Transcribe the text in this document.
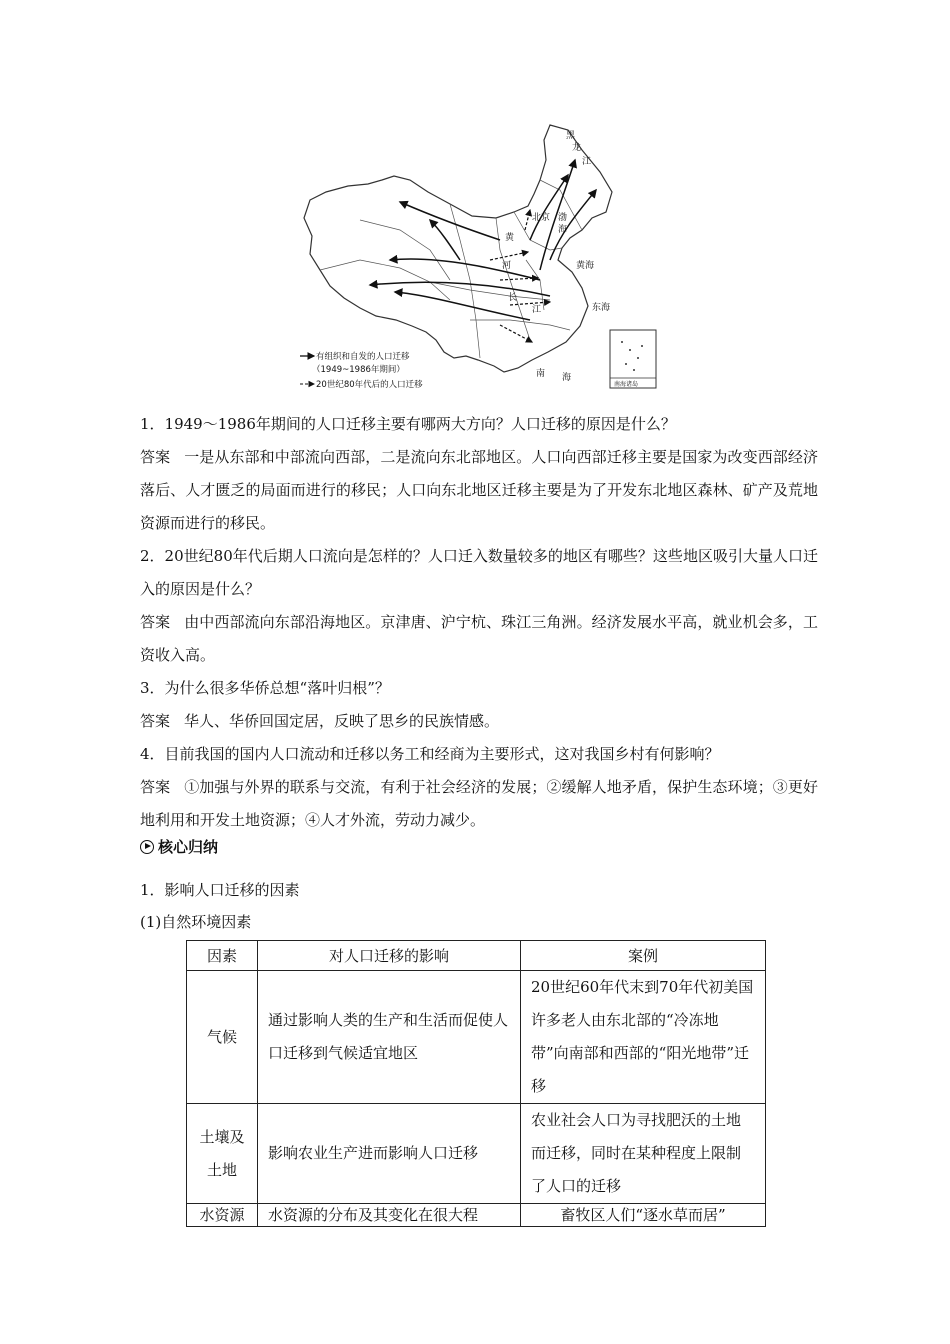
黑
龙
江
北京 渤
海
黄
河	黄海
长
江	东海
南 海
南海诸岛
有组织和自发的人口迁移
（1949~1986年期间）
20世纪80年代后的人口迁移

1．1949～1986年期间的人口迁移主要有哪两大方向？人口迁移的原因是什么？

答案 一是从东部和中部流向西部，二是流向东北部地区。人口向西部迁移主要是国家为改变西部经济落后、人才匮乏的局面而进行的移民；人口向东北地区迁移主要是为了开发东北地区森林、矿产及荒地资源而进行的移民。

2．20世纪80年代后期人口流向是怎样的？人口迁入数量较多的地区有哪些？这些地区吸引大量人口迁入的原因是什么？

答案 由中西部流向东部沿海地区。京津唐、沪宁杭、珠江三角洲。经济发展水平高，就业机会多，工资收入高。

3．为什么很多华侨总想“落叶归根”？

答案 华人、华侨回国定居，反映了思乡的民族情感。

4．目前我国的国内人口流动和迁移以务工和经商为主要形式，这对我国乡村有何影响？

答案 ①加强与外界的联系与交流，有利于社会经济的发展；②缓解人地矛盾，保护生态环境；③更好地利用和开发土地资源；④人才外流，劳动力减少。

核心归纳
1．影响人口迁移的因素
(1)自然环境因素
因素	对人口迁移的影响	案例
气候	通过影响人类的生产和生活而促使人口迁移到气候适宜地区	20世纪60年代末到70年代初美国许多老人由东北部的“冷冻地带”向南部和西部的“阳光地带”迁移
土壤及土地	影响农业生产进而影响人口迁移	农业社会人口为寻找肥沃的土地而迁移，同时在某种程度上限制了人口的迁移
水资源	水资源的分布及其变化在很大程	畜牧区人们“逐水草而居”
